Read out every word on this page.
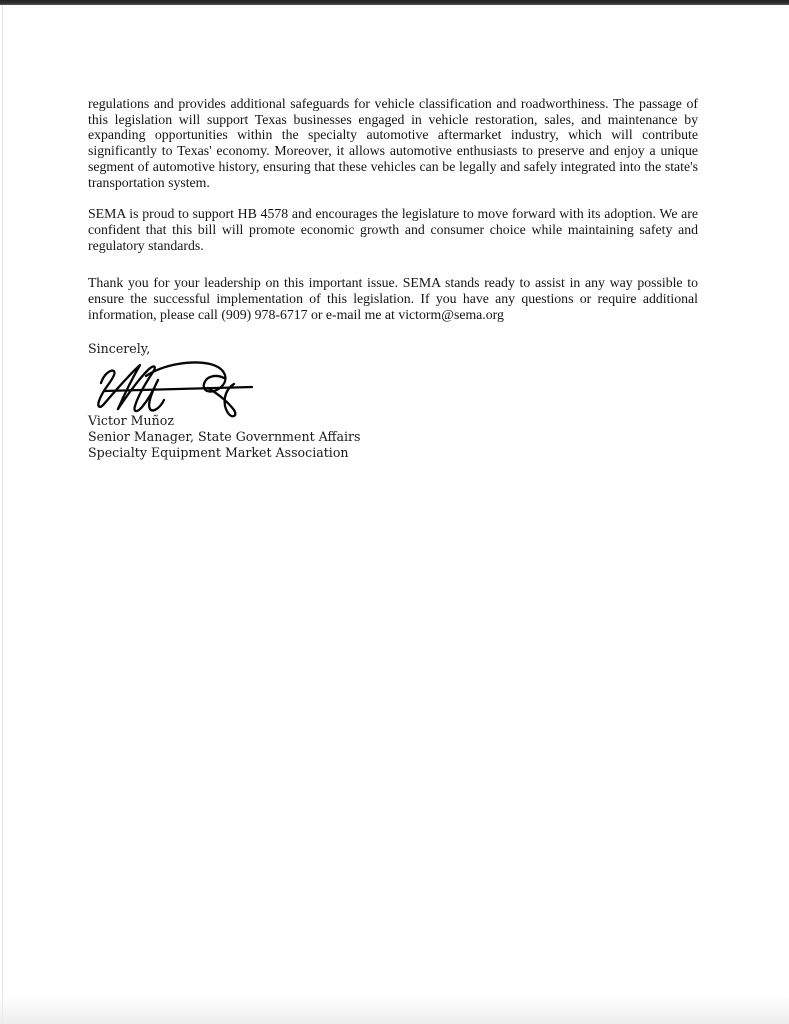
regulations and provides additional safeguards for vehicle classification and roadworthiness. The passage of this legislation will support Texas businesses engaged in vehicle restoration, sales, and maintenance by expanding opportunities within the specialty automotive aftermarket industry, which will contribute significantly to Texas' economy. Moreover, it allows automotive enthusiasts to preserve and enjoy a unique segment of automotive history, ensuring that these vehicles can be legally and safely integrated into the state's transportation system.

SEMA is proud to support HB 4578 and encourages the legislature to move forward with its adoption. We are confident that this bill will promote economic growth and consumer choice while maintaining safety and regulatory standards.

Thank you for your leadership on this important issue. SEMA stands ready to assist in any way possible to ensure the successful implementation of this legislation. If you have any questions or require additional information, please call (909) 978-6717 or e-mail me at victorm@sema.org

Sincerely,
Victor Muñoz
Senior Manager, State Government Affairs
Specialty Equipment Market Association
